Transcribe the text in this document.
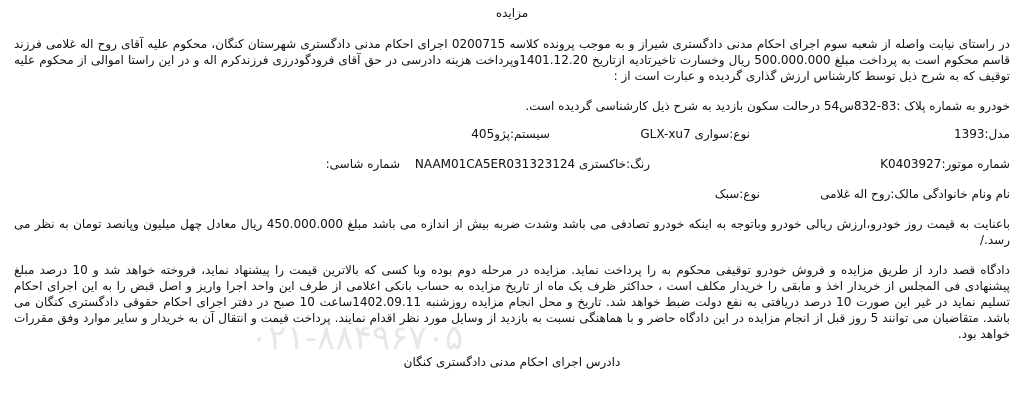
مزایده
در راستای نیابت واصله از شعبه سوم اجرای احکام مدنی دادگستری شیراز و به موجب پرونده کلاسه 0200715 اجرای احکام مدنی دادگستری شهرستان کنگان، محکوم علیه آقای روح اله غلامی فرزند قاسم محکوم است به پرداخت مبلغ 500.000.000 ریال وخسارت تاخیرتادیه ازتاریخ 1401.12.20وپرداخت هزینه دادرسی در حق آقای فرودگودرزی فرزندکرم اله و در این راستا اموالی از محکوم علیه توقیف که به شرح ذیل توسط کارشناس ارزش گذاری گردیده و عبارت است از :
خودرو به شماره پلاک :83-832س54 درحالت سکون بازدید به شرح ذیل کارشناسی گردیده است.
مدل:1393
نوع:سواری GLX-xu7
سیستم:پژو405
شماره موتور:K0403927
رنگ:خاکستری NAAM01CA5ER031323124
شماره شاسی:
نام ونام خانوادگی مالک:روح اله غلامی
نوع:سبک
باعنایت به قیمت روز خودرو،ارزش ریالی خودرو وباتوجه به اینکه خودرو تصادفی می باشد وشدت ضربه بیش از اندازه می باشد مبلغ 450.000.000 ریال معادل چهل میلیون وپانصد تومان به نظر می رسد./
دادگاه قصد دارد از طریق مزایده و فروش خودرو توقیفی محکوم به را پرداخت نماید. مزایده در مرحله دوم بوده وبا کسی که بالاترین قیمت را پیشنهاد نماید، فروخته خواهد شد و 10 درصد مبلغ پیشنهادی فی المجلس از خریدار اخذ و مابقی را خریدار مکلف است ، حداکثر ظرف یک ماه از تاریخ مزایده به حساب بانکی اعلامی از طرف این واحد اجرا واریز و اصل قبض را به این اجرای احکام تسلیم نماید در غیر این صورت 10 درصد دریافتی به نفع دولت ضبط خواهد شد. تاریخ و محل انجام مزایده روزشنبه 1402.09.11ساعت 10 صبح در دفتر اجرای احکام حقوقی دادگستری کنگان می باشد. متقاضیان می توانند 5 روز قبل از انجام مزایده در این دادگاه حاضر و با هماهنگی نسبت به بازدید از وسایل مورد نظر اقدام نمایند. پرداخت قیمت و انتقال آن به خریدار و سایر موارد وفق مقررات خواهد بود.
دادرس اجرای احکام مدنی دادگستری کنگان
۰۲۱-۸۸۴۹۶۷۰۵
